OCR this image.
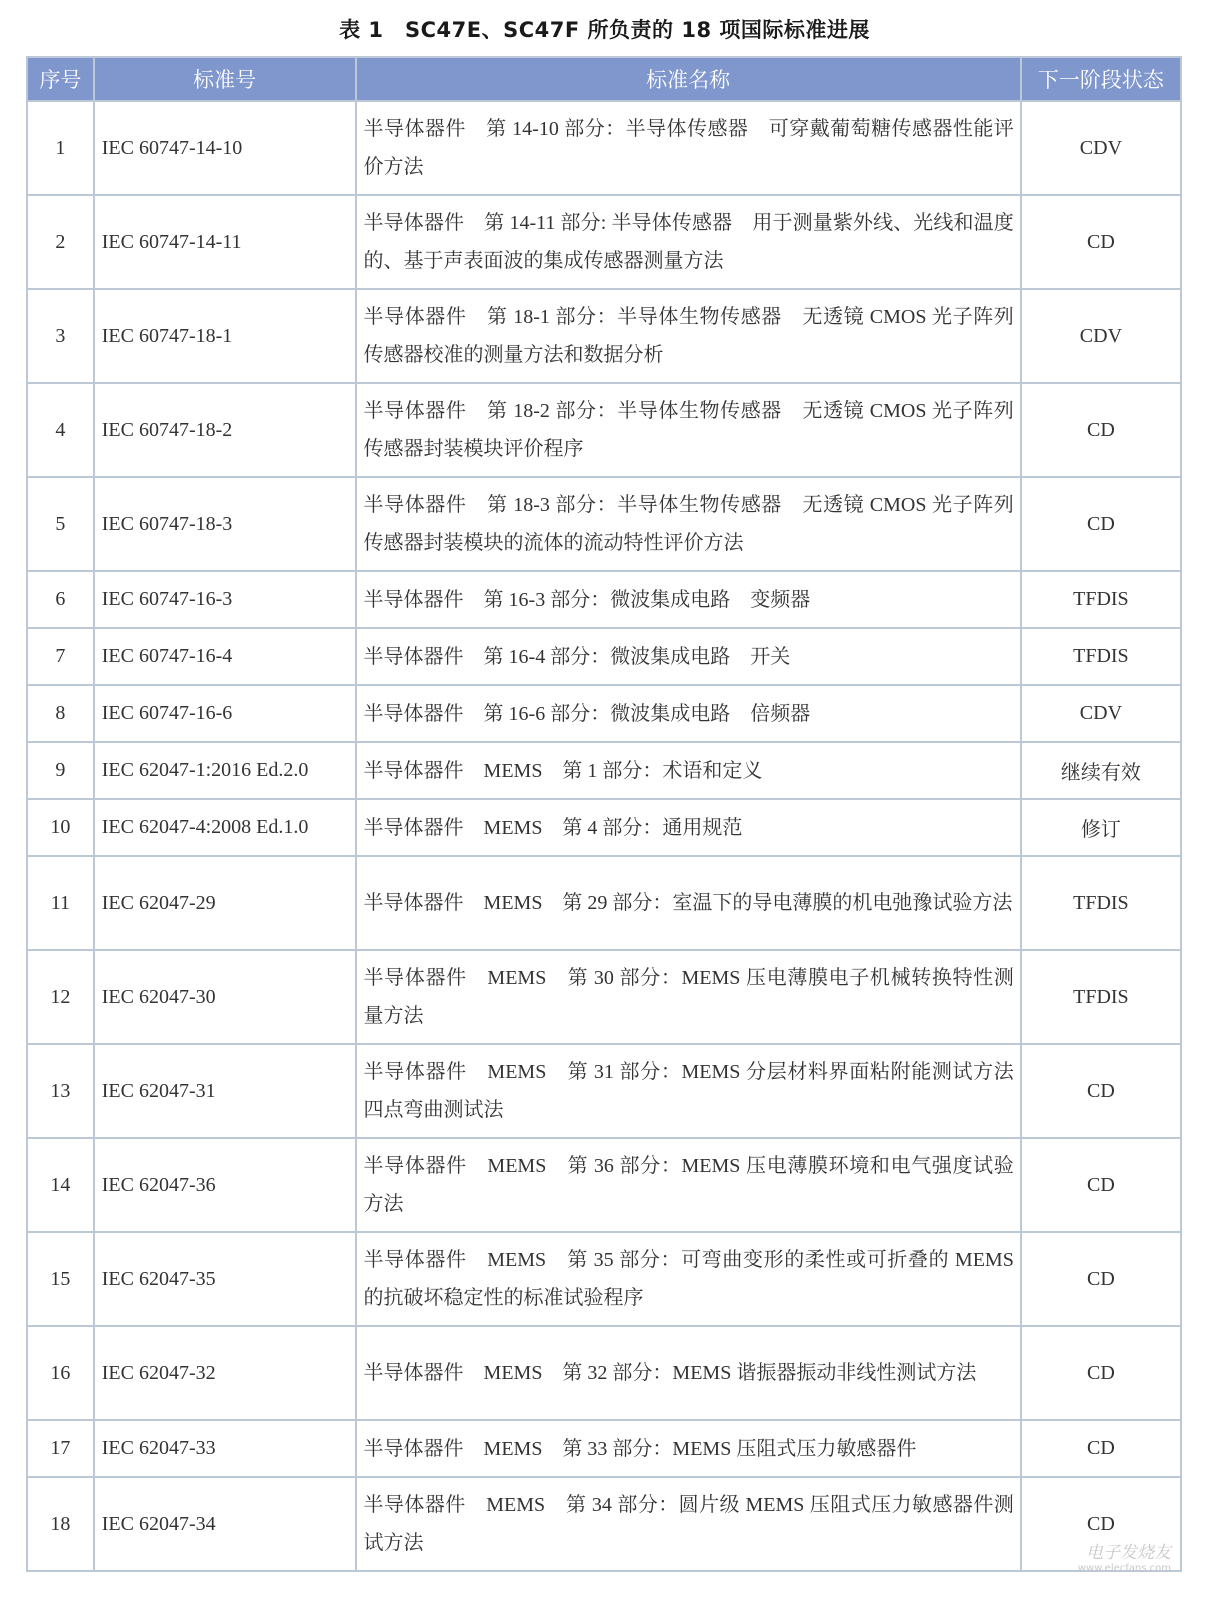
表 1　SC47E、SC47F 所负责的 18 项国际标准进展
序号	标准号	标准名称	下一阶段状态
1	IEC 60747-14-10	半导体器件　第 14-10 部分：半导体传感器　可穿戴葡萄糖传感器性能评价方法	CDV
2	IEC 60747-14-11	半导体器件　第 14-11 部分: 半导体传感器　用于测量紫外线、光线和温度的、基于声表面波的集成传感器测量方法	CD
3	IEC 60747-18-1	半导体器件　第 18-1 部分：半导体生物传感器　无透镜 CMOS 光子阵列传感器校准的测量方法和数据分析	CDV
4	IEC 60747-18-2	半导体器件　第 18-2 部分：半导体生物传感器　无透镜 CMOS 光子阵列传感器封装模块评价程序	CD
5	IEC 60747-18-3	半导体器件　第 18-3 部分：半导体生物传感器　无透镜 CMOS 光子阵列传感器封装模块的流体的流动特性评价方法	CD
6	IEC 60747-16-3	半导体器件　第 16-3 部分：微波集成电路　变频器	TFDIS
7	IEC 60747-16-4	半导体器件　第 16-4 部分：微波集成电路　开关	TFDIS
8	IEC 60747-16-6	半导体器件　第 16-6 部分：微波集成电路　倍频器	CDV
9	IEC 62047-1:2016 Ed.2.0	半导体器件　MEMS　第 1 部分：术语和定义	继续有效
10	IEC 62047-4:2008 Ed.1.0	半导体器件　MEMS　第 4 部分：通用规范	修订
11	IEC 62047-29	半导体器件　MEMS　第 29 部分：室温下的导电薄膜的机电弛豫试验方法	TFDIS
12	IEC 62047-30	半导体器件　MEMS　第 30 部分：MEMS 压电薄膜电子机械转换特性测量方法	TFDIS
13	IEC 62047-31	半导体器件　MEMS　第 31 部分：MEMS 分层材料界面粘附能测试方法　四点弯曲测试法	CD
14	IEC 62047-36	半导体器件　MEMS　第 36 部分：MEMS 压电薄膜环境和电气强度试验方法	CD
15	IEC 62047-35	半导体器件　MEMS　第 35 部分：可弯曲变形的柔性或可折叠的 MEMS 的抗破坏稳定性的标准试验程序	CD
16	IEC 62047-32	半导体器件　MEMS　第 32 部分：MEMS 谐振器振动非线性测试方法	CD
17	IEC 62047-33	半导体器件　MEMS　第 33 部分：MEMS 压阻式压力敏感器件	CD
18	IEC 62047-34	半导体器件　MEMS　第 34 部分：圆片级 MEMS 压阻式压力敏感器件测试方法	CD
电子发烧友
www.elecfans.com
